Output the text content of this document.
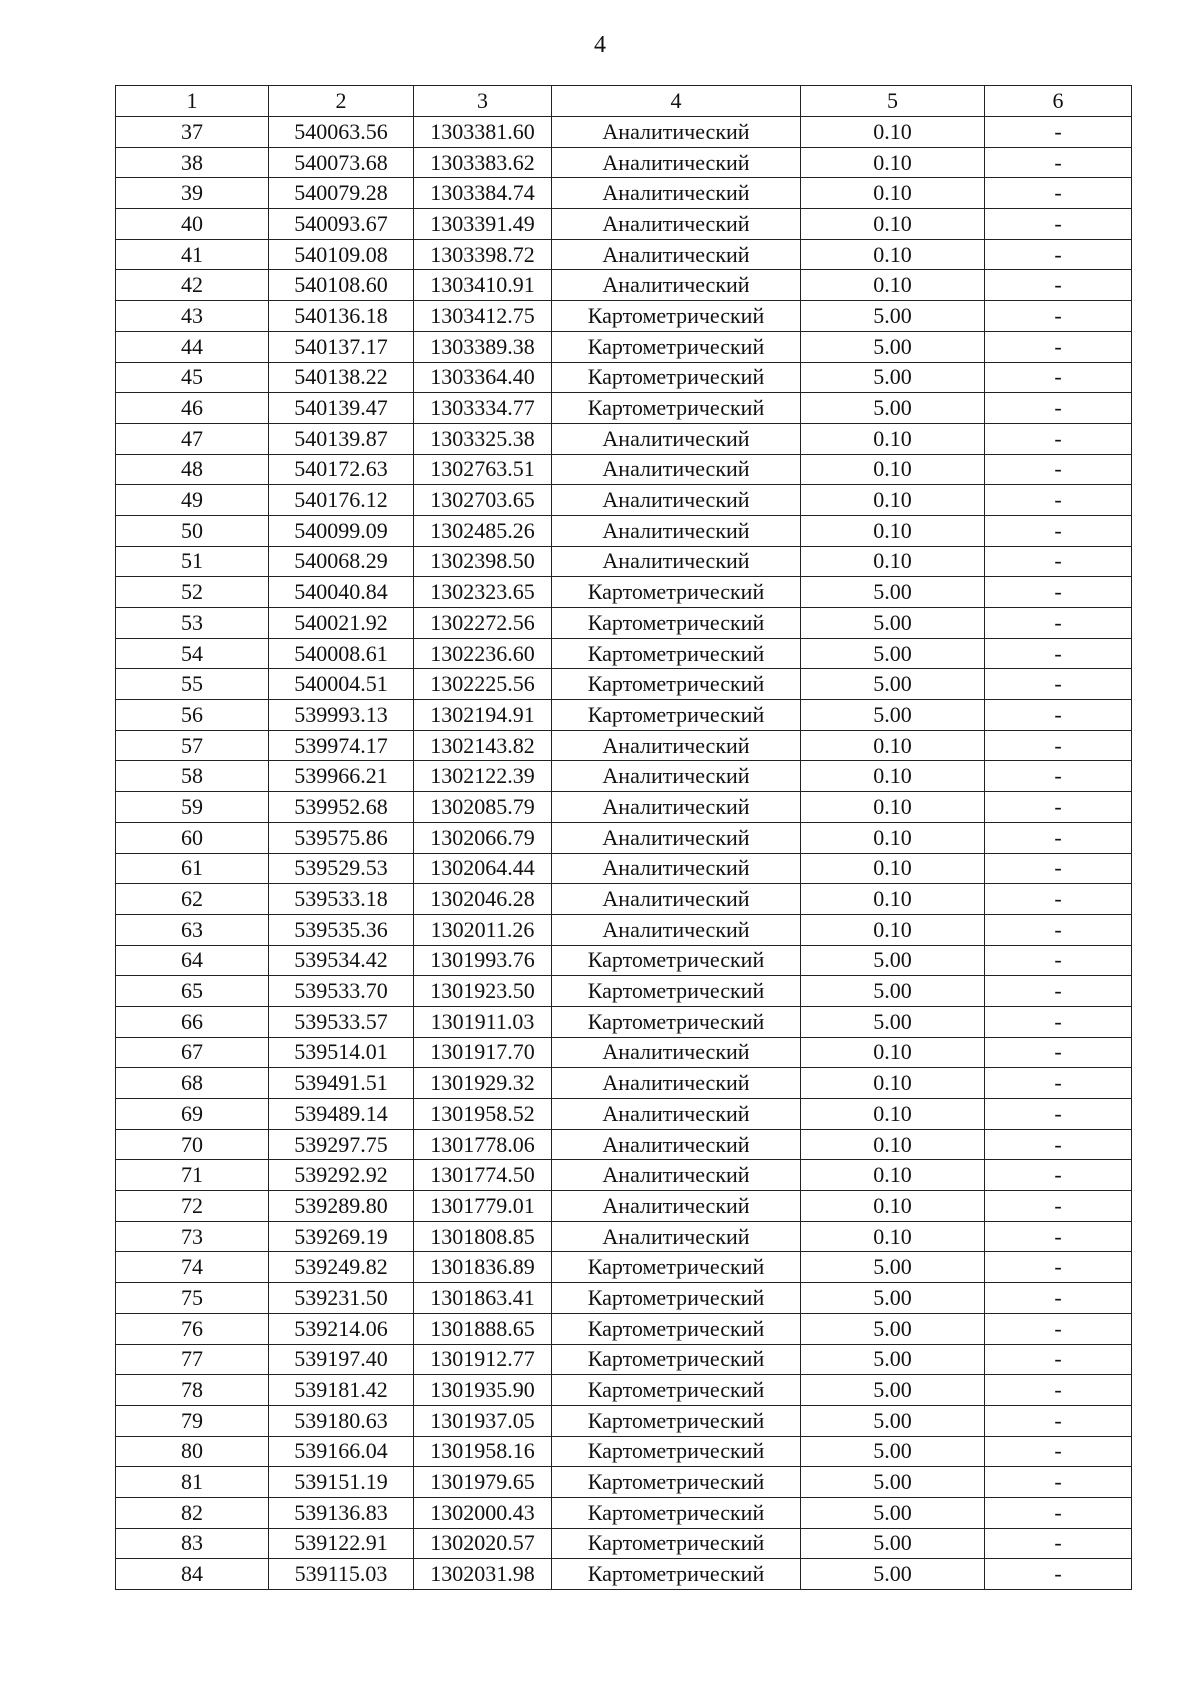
4
1	2	3	4	5	6
37	540063.56	1303381.60	Аналитический	0.10	-
38	540073.68	1303383.62	Аналитический	0.10	-
39	540079.28	1303384.74	Аналитический	0.10	-
40	540093.67	1303391.49	Аналитический	0.10	-
41	540109.08	1303398.72	Аналитический	0.10	-
42	540108.60	1303410.91	Аналитический	0.10	-
43	540136.18	1303412.75	Картометрический	5.00	-
44	540137.17	1303389.38	Картометрический	5.00	-
45	540138.22	1303364.40	Картометрический	5.00	-
46	540139.47	1303334.77	Картометрический	5.00	-
47	540139.87	1303325.38	Аналитический	0.10	-
48	540172.63	1302763.51	Аналитический	0.10	-
49	540176.12	1302703.65	Аналитический	0.10	-
50	540099.09	1302485.26	Аналитический	0.10	-
51	540068.29	1302398.50	Аналитический	0.10	-
52	540040.84	1302323.65	Картометрический	5.00	-
53	540021.92	1302272.56	Картометрический	5.00	-
54	540008.61	1302236.60	Картометрический	5.00	-
55	540004.51	1302225.56	Картометрический	5.00	-
56	539993.13	1302194.91	Картометрический	5.00	-
57	539974.17	1302143.82	Аналитический	0.10	-
58	539966.21	1302122.39	Аналитический	0.10	-
59	539952.68	1302085.79	Аналитический	0.10	-
60	539575.86	1302066.79	Аналитический	0.10	-
61	539529.53	1302064.44	Аналитический	0.10	-
62	539533.18	1302046.28	Аналитический	0.10	-
63	539535.36	1302011.26	Аналитический	0.10	-
64	539534.42	1301993.76	Картометрический	5.00	-
65	539533.70	1301923.50	Картометрический	5.00	-
66	539533.57	1301911.03	Картометрический	5.00	-
67	539514.01	1301917.70	Аналитический	0.10	-
68	539491.51	1301929.32	Аналитический	0.10	-
69	539489.14	1301958.52	Аналитический	0.10	-
70	539297.75	1301778.06	Аналитический	0.10	-
71	539292.92	1301774.50	Аналитический	0.10	-
72	539289.80	1301779.01	Аналитический	0.10	-
73	539269.19	1301808.85	Аналитический	0.10	-
74	539249.82	1301836.89	Картометрический	5.00	-
75	539231.50	1301863.41	Картометрический	5.00	-
76	539214.06	1301888.65	Картометрический	5.00	-
77	539197.40	1301912.77	Картометрический	5.00	-
78	539181.42	1301935.90	Картометрический	5.00	-
79	539180.63	1301937.05	Картометрический	5.00	-
80	539166.04	1301958.16	Картометрический	5.00	-
81	539151.19	1301979.65	Картометрический	5.00	-
82	539136.83	1302000.43	Картометрический	5.00	-
83	539122.91	1302020.57	Картометрический	5.00	-
84	539115.03	1302031.98	Картометрический	5.00	-
